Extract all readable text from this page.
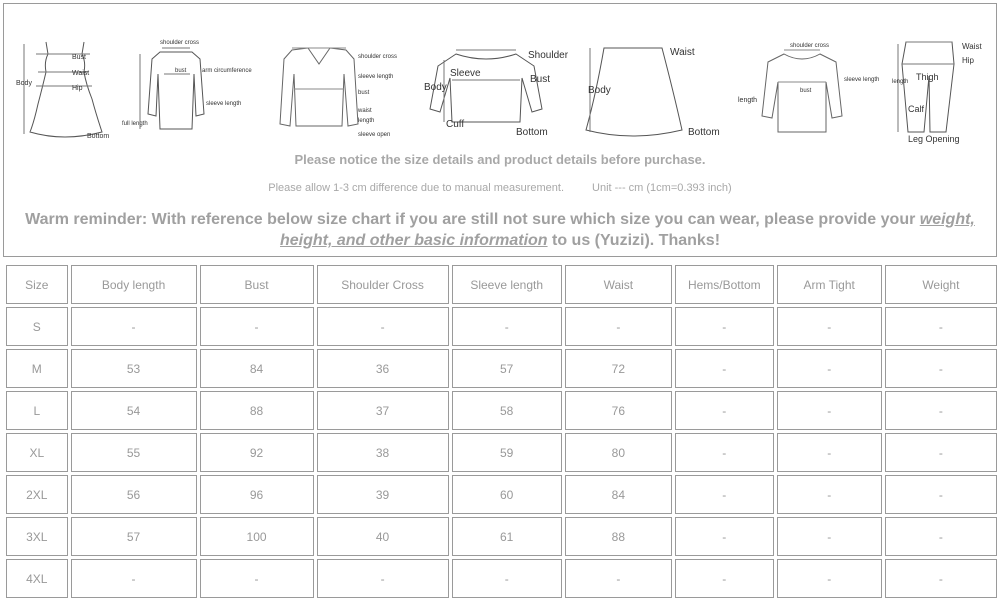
Bust
Waist
Hip
Body
Bottom
shoulder cross
bust	arm circumference
sleeve length
full length
shoulder cross
sleeve length
bust
waist
length
sleeve open
Shoulder
Body
Sleeve
Bust
Cuff
Bottom
Waist
Body
Bottom
shoulder cross
length
bust
sleeve length
Waist
Hip
length Thigh
Calf
Leg Opening
Please notice the size details and product details before purchase.
Please allow 1-3 cm difference due to manual measurement.	Unit --- cm (1cm=0.393 inch)
Warm reminder: With reference below size chart if you are still not sure which size you can wear, please provide your weight, height, and other basic information to us (Yuzizi). Thanks!
Size	Body length	Bust	Shoulder Cross	Sleeve length	Waist	Hems/Bottom	Arm Tight	Weight
S	-	-	-	-	-	-	-	-
M	53	84	36	57	72	-	-	-
L	54	88	37	58	76	-	-	-
XL	55	92	38	59	80	-	-	-
2XL	56	96	39	60	84	-	-	-
3XL	57	100	40	61	88	-	-	-
4XL	-	-	-	-	-	-	-	-
